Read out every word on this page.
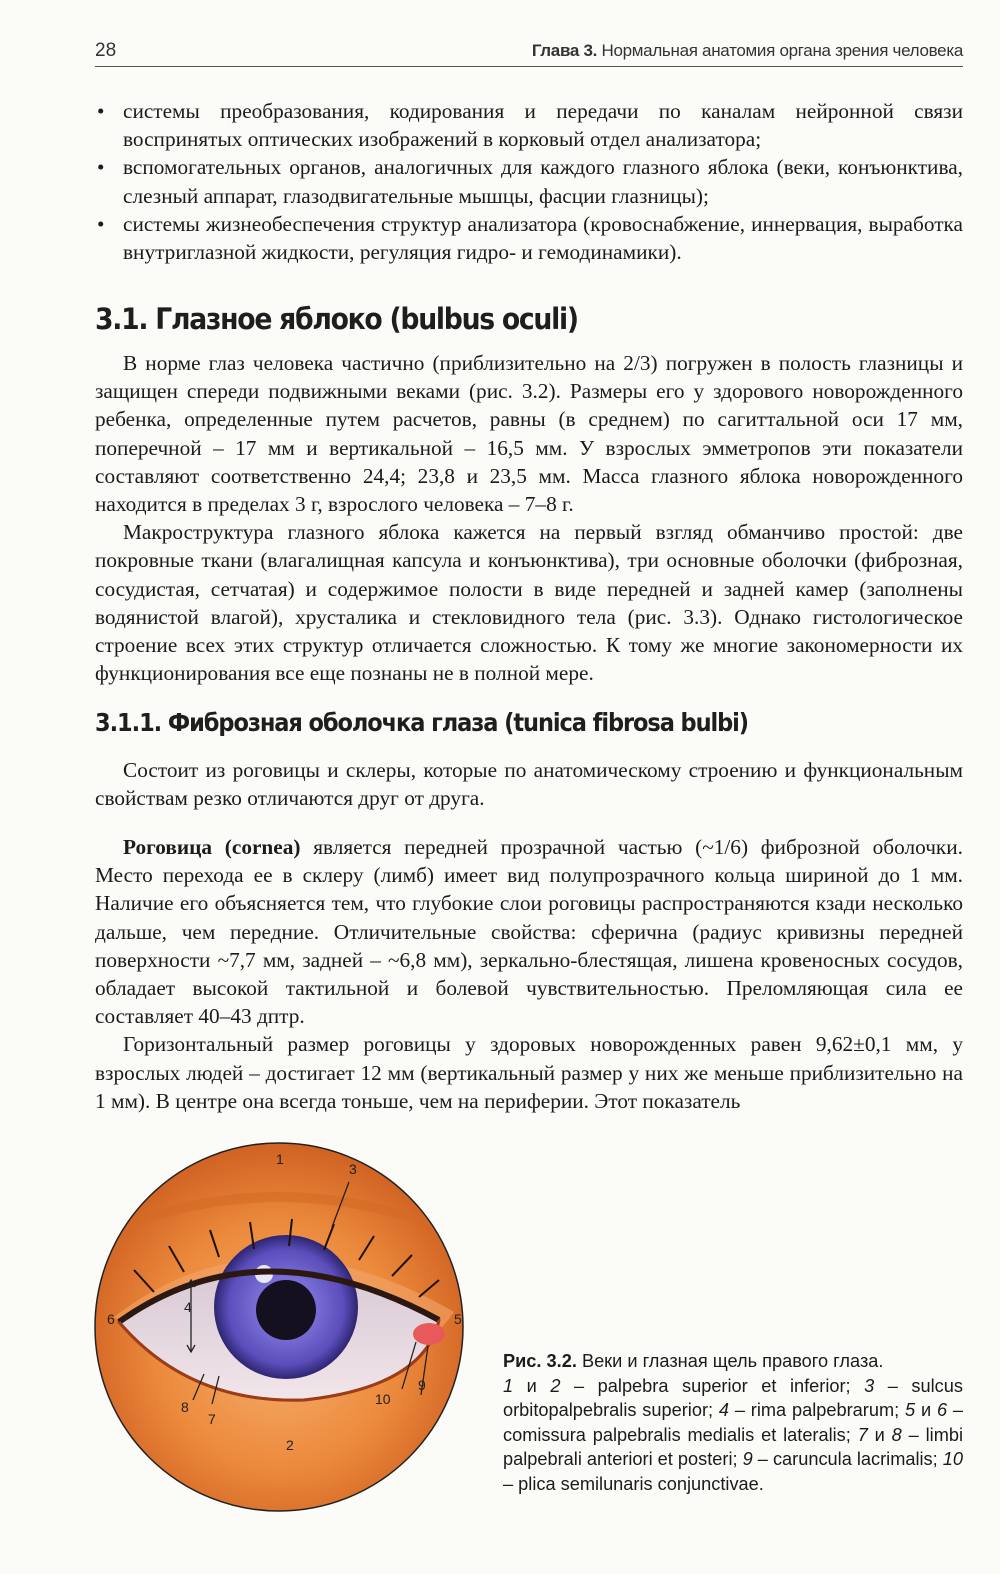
28	Глава 3. Нормальная анатомия органа зрения человека
• системы преобразования, кодирования и передачи по каналам нейронной связи воспринятых оптических изображений в корковый отдел анализатора;
• вспомогательных органов, аналогичных для каждого глазного яблока (веки, конъюнктива, слезный аппарат, глазодвигательные мышцы, фасции глазницы);
• системы жизнеобеспечения структур анализатора (кровоснабжение, иннервация, выработка внутриглазной жидкости, регуляция гидро- и гемодинамики).
3.1. Глазное яблоко (bulbus oculi)

В норме глаз человека частично (приблизительно на 2/3) погружен в полость глазницы и защищен спереди подвижными веками (рис. 3.2). Размеры его у здорового новорожденного ребенка, определенные путем расчетов, равны (в среднем) по сагиттальной оси 17 мм, поперечной – 17 мм и вертикальной – 16,5 мм. У взрослых эмметропов эти показатели составляют соответственно 24,4; 23,8 и 23,5 мм. Масса глазного яблока новорожденного находится в пределах 3 г, взрослого человека – 7–8 г.

Макроструктура глазного яблока кажется на первый взгляд обманчиво простой: две покровные ткани (влагалищная капсула и конъюнктива), три основные оболочки (фиброзная, сосудистая, сетчатая) и содержимое полости в виде передней и задней камер (заполнены водянистой влагой), хрусталика и стекловидного тела (рис. 3.3). Однако гистологическое строение всех этих структур отличается сложностью. К тому же многие закономерности их функционирования все еще познаны не в полной мере.

3.1.1. Фиброзная оболочка глаза (tunica fibrosa bulbi)

Состоит из роговицы и склеры, которые по анатомическому строению и функциональным свойствам резко отличаются друг от друга.

Роговица (cornea) является передней прозрачной частью (~1/6) фиброзной оболочки. Место перехода ее в склеру (лимб) имеет вид полупрозрачного кольца шириной до 1 мм. Наличие его объясняется тем, что глубокие слои роговицы распространяются кзади несколько дальше, чем передние. Отличительные свойства: сферична (радиус кривизны передней поверхности ~7,7 мм, задней – ~6,8 мм), зеркально-блестящая, лишена кровеносных сосудов, обладает высокой тактильной и болевой чувствительностью. Преломляющая сила ее составляет 40–43 дптр.

Горизонтальный размер роговицы у здоровых новорожденных равен 9,62±0,1 мм, у взрослых людей – достигает 12 мм (вертикальный размер у них же меньше приблизительно на 1 мм). В центре она всегда тоньше, чем на периферии. Этот показатель

1
2
3
4
5
6
7
8
9
10
Рис. 3.2. Веки и глазная щель правого глаза.
1 и 2 – palpebra superior et inferior; 3 – sulcus orbitopalpebralis superior; 4 – rima palpebrarum; 5 и 6 – comissura palpebralis medialis et lateralis; 7 и 8 – limbi palpebrali anteriori et posteri; 9 – caruncula lacrimalis; 10 – plica semilunaris conjunctivae.
